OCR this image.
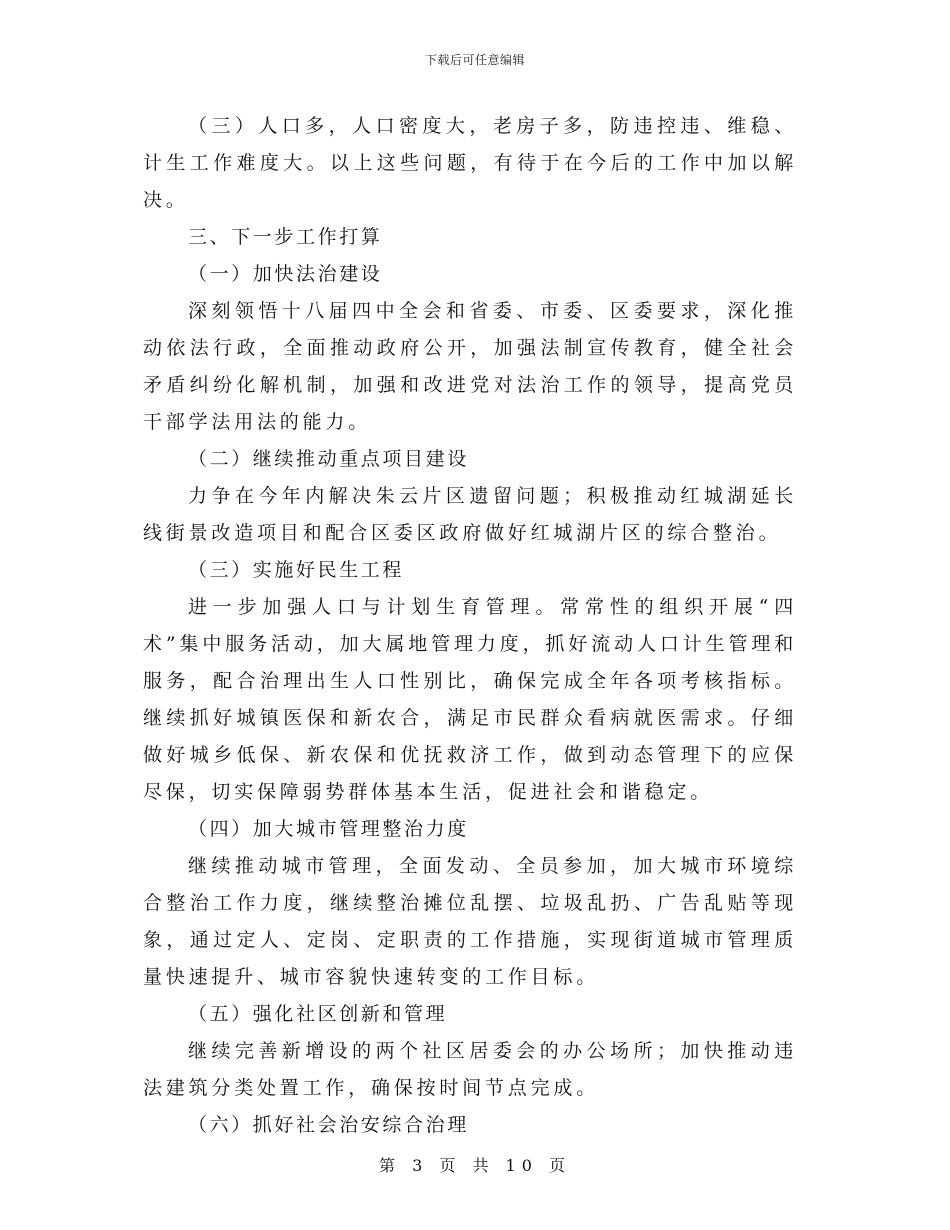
下载后可任意编辑

（三）人口多，人口密度大，老房子多，防违控违、维稳、计生工作难度大。以上这些问题，有待于在今后的工作中加以解决。

三、下一步工作打算

（一）加快法治建设

深刻领悟十八届四中全会和省委、市委、区委要求，深化推动依法行政，全面推动政府公开，加强法制宣传教育，健全社会矛盾纠纷化解机制，加强和改进党对法治工作的领导，提高党员干部学法用法的能力。

（二）继续推动重点项目建设

力争在今年内解决朱云片区遗留问题；积极推动红城湖延长线街景改造项目和配合区委区政府做好红城湖片区的综合整治。

（三）实施好民生工程

进一步加强人口与计划生育管理。常常性的组织开展“四术”集中服务活动，加大属地管理力度，抓好流动人口计生管理和服务，配合治理出生人口性别比，确保完成全年各项考核指标。继续抓好城镇医保和新农合，满足市民群众看病就医需求。仔细做好城乡低保、新农保和优抚救济工作，做到动态管理下的应保尽保，切实保障弱势群体基本生活，促进社会和谐稳定。

（四）加大城市管理整治力度

继续推动城市管理，全面发动、全员参加，加大城市环境综合整治工作力度，继续整治摊位乱摆、垃圾乱扔、广告乱贴等现象，通过定人、定岗、定职责的工作措施，实现街道城市管理质量快速提升、城市容貌快速转变的工作目标。

（五）强化社区创新和管理

继续完善新增设的两个社区居委会的办公场所；加快推动违法建筑分类处置工作，确保按时间节点完成。

（六）抓好社会治安综合治理

第 3 页 共 10 页
